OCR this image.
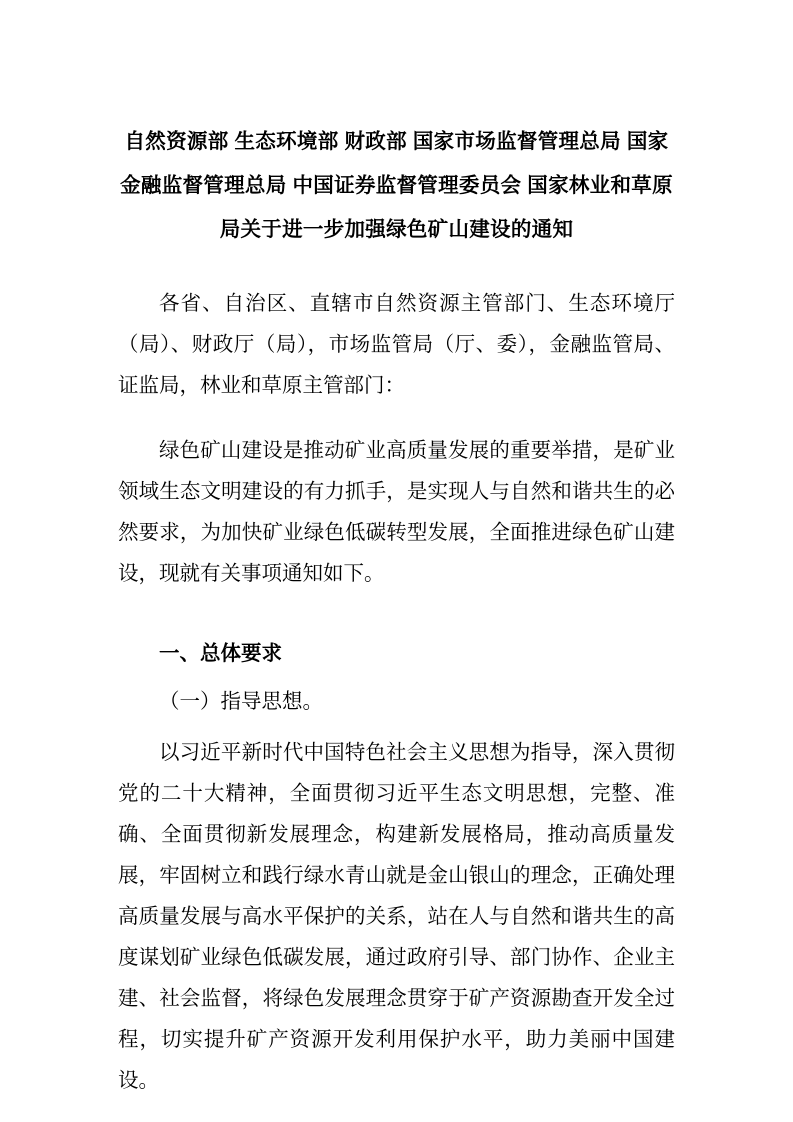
自然资源部 生态环境部 财政部 国家市场监督管理总局 国家金融监督管理总局 中国证券监督管理委员会 国家林业和草原局关于进一步加强绿色矿山建设的通知

各省、自治区、直辖市自然资源主管部门、生态环境厅（局）、财政厅（局），市场监管局（厅、委），金融监管局、证监局，林业和草原主管部门：

绿色矿山建设是推动矿业高质量发展的重要举措，是矿业领域生态文明建设的有力抓手，是实现人与自然和谐共生的必然要求，为加快矿业绿色低碳转型发展，全面推进绿色矿山建设，现就有关事项通知如下。

一、总体要求

（一）指导思想。

以习近平新时代中国特色社会主义思想为指导，深入贯彻党的二十大精神，全面贯彻习近平生态文明思想，完整、准确、全面贯彻新发展理念，构建新发展格局，推动高质量发展，牢固树立和践行绿水青山就是金山银山的理念，正确处理高质量发展与高水平保护的关系，站在人与自然和谐共生的高度谋划矿业绿色低碳发展，通过政府引导、部门协作、企业主建、社会监督，将绿色发展理念贯穿于矿产资源勘查开发全过程，切实提升矿产资源开发利用保护水平，助力美丽中国建设。
